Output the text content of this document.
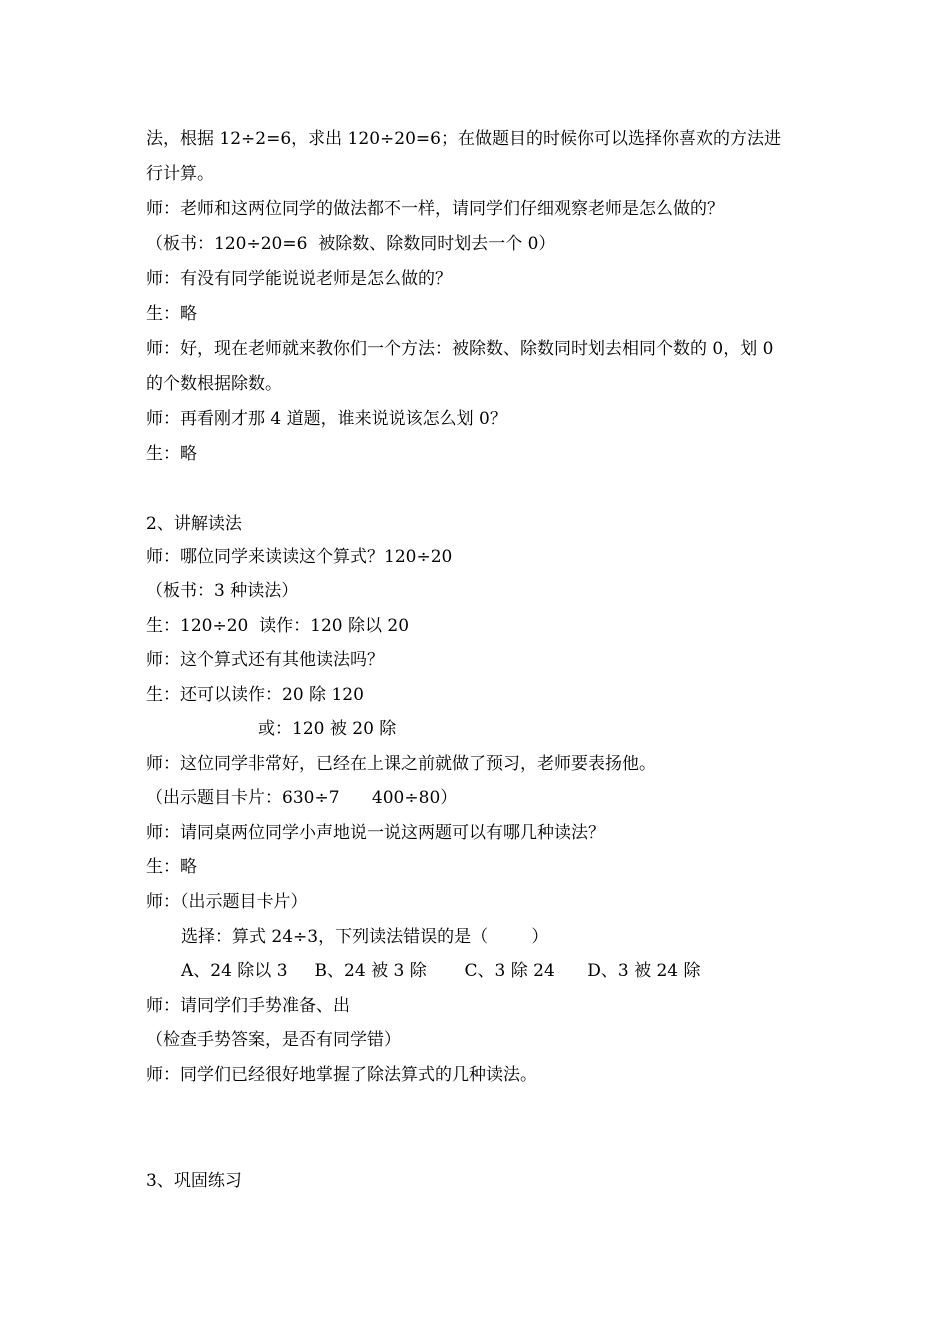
法，根据 12÷2=6，求出 120÷20=6；在做题目的时候你可以选择你喜欢的方法进
行计算。
师：老师和这两位同学的做法都不一样，请同学们仔细观察老师是怎么做的？
（板书：120÷20=6  被除数、除数同时划去一个 0）
师：有没有同学能说说老师是怎么做的？
生：略
师：好，现在老师就来教你们一个方法：被除数、除数同时划去相同个数的 0，划 0
的个数根据除数。
师：再看刚才那 4 道题，谁来说说该怎么划 0？
生：略
2、讲解读法
师：哪位同学来读读这个算式？120÷20
（板书：3 种读法）
生：120÷20  读作：120 除以 20
师：这个算式还有其他读法吗？
生：还可以读作：20 除 120
或：120 被 20 除
师：这位同学非常好，已经在上课之前就做了预习，老师要表扬他。
（出示题目卡片：630÷7      400÷80）
师：请同桌两位同学小声地说一说这两题可以有哪几种读法？
生：略
师：（出示题目卡片）
选择：算式 24÷3，下列读法错误的是（        ）
A、24 除以 3     B、24 被 3 除       C、3 除 24      D、3 被 24 除
师：请同学们手势准备、出
（检查手势答案，是否有同学错）
师：同学们已经很好地掌握了除法算式的几种读法。
3、巩固练习
